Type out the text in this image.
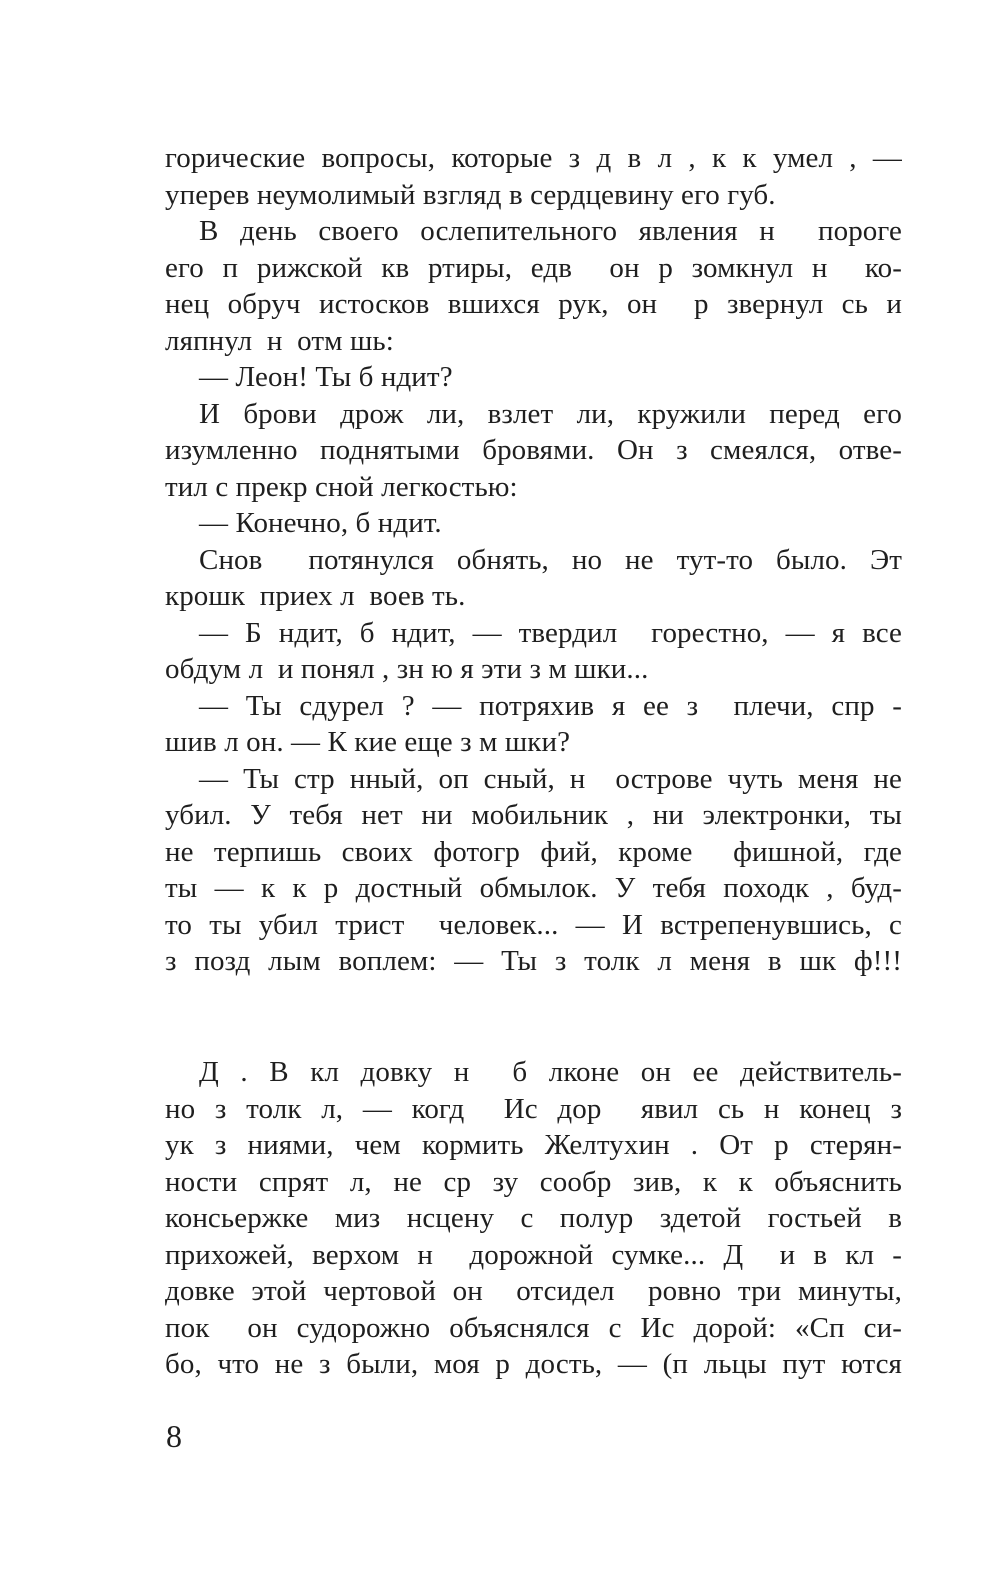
горические вопросы, которые з д в л , к к умел , —
уперев неумолимый взгляд в сердцевину его губ.
В день своего ослепительного явления н  пороге
его п рижской кв ртиры, едв  он р зомкнул н  ко-
нец обруч истосков вшихся рук, он  р звернул сь и
ляпнул  н  отм шь:
— Леон! Ты б ндит?
И брови дрож ли, взлет ли, кружили перед его
изумленно поднятыми бровями. Он з смеялся, отве-
тил с прекр сной легкостью:
— Конечно, б ндит.
Снов  потянулся обнять, но не тут-то было. Эт
крошк  приех л  воев ть.
— Б ндит, б ндит, — твердил  горестно, — я все
обдум л  и понял , зн ю я эти з м шки...
— Ты сдурел ? — потряхив я ее з  плечи, спр -
шив л он. — К кие еще з м шки?
— Ты стр нный, оп сный, н  острове чуть меня не
убил. У тебя нет ни мобильник , ни электронки, ты
не терпишь своих фотогр фий, кроме  фишной, где
ты — к к р достный обмылок. У тебя походк , буд-
то ты убил трист  человек... — И встрепенувшись, с
з позд лым воплем: — Ты з толк л меня в шк ф!!!
Д . В кл довку н  б лконе он ее действитель-
но з толк л, — когд  Ис дор  явил сь н конец з
ук з ниями, чем кормить Желтухин . От р стерян-
ности спрят л, не ср зу сообр зив, к к объяснить
консьержке миз нсцену с полур здетой гостьей в
прихожей, верхом н  дорожной сумке... Д  и в кл -
довке этой чертовой он  отсидел  ровно три минуты,
пок  он судорожно объяснялся с Ис дорой: «Сп си-
бо, что не з были, моя р дость, — (п льцы пут ются
8
